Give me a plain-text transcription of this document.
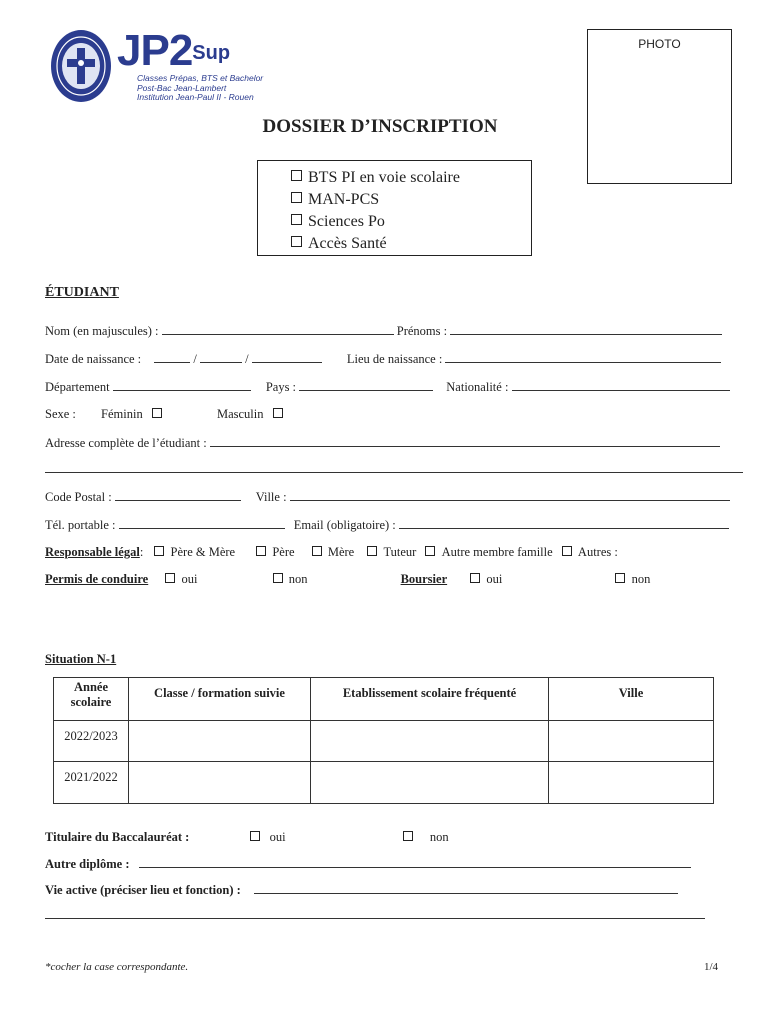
$JP2^{Sup}$
Classes Prépas, BTS et Bachelor
Post-Bac Jean-Lambert
Institution Jean-Paul II - Rouen
PHOTO
DOSSIER D’INSCRIPTION
BTS PI en voie scolaire
MAN-PCS
Sciences Po
Accès Santé
ÉTUDIANT
Nom (en majuscules) :	Prénoms :
Date de naissance :	/	/	Lieu de naissance :
Département	Pays :	Nationalité :
Sexe : Féminin	Masculin
Adresse complète de l’étudiant :
Code Postal :	Ville :
Tél. portable :	Email (obligatoire) :
Responsable légal: Père & Mère	Père	Mère Tuteur Autre membre famille Autres :
Permis de conduire	oui	non	Boursier	oui	non
Situation N-1
Année scolaire	Classe / formation suivie	Etablissement scolaire fréquenté	Ville
2022/2023			
2021/2022			
Titulaire du Baccalauréat :	oui	non
Autre diplôme :
Vie active (préciser lieu et fonction) :
*cocher la case correspondante.	1/4
